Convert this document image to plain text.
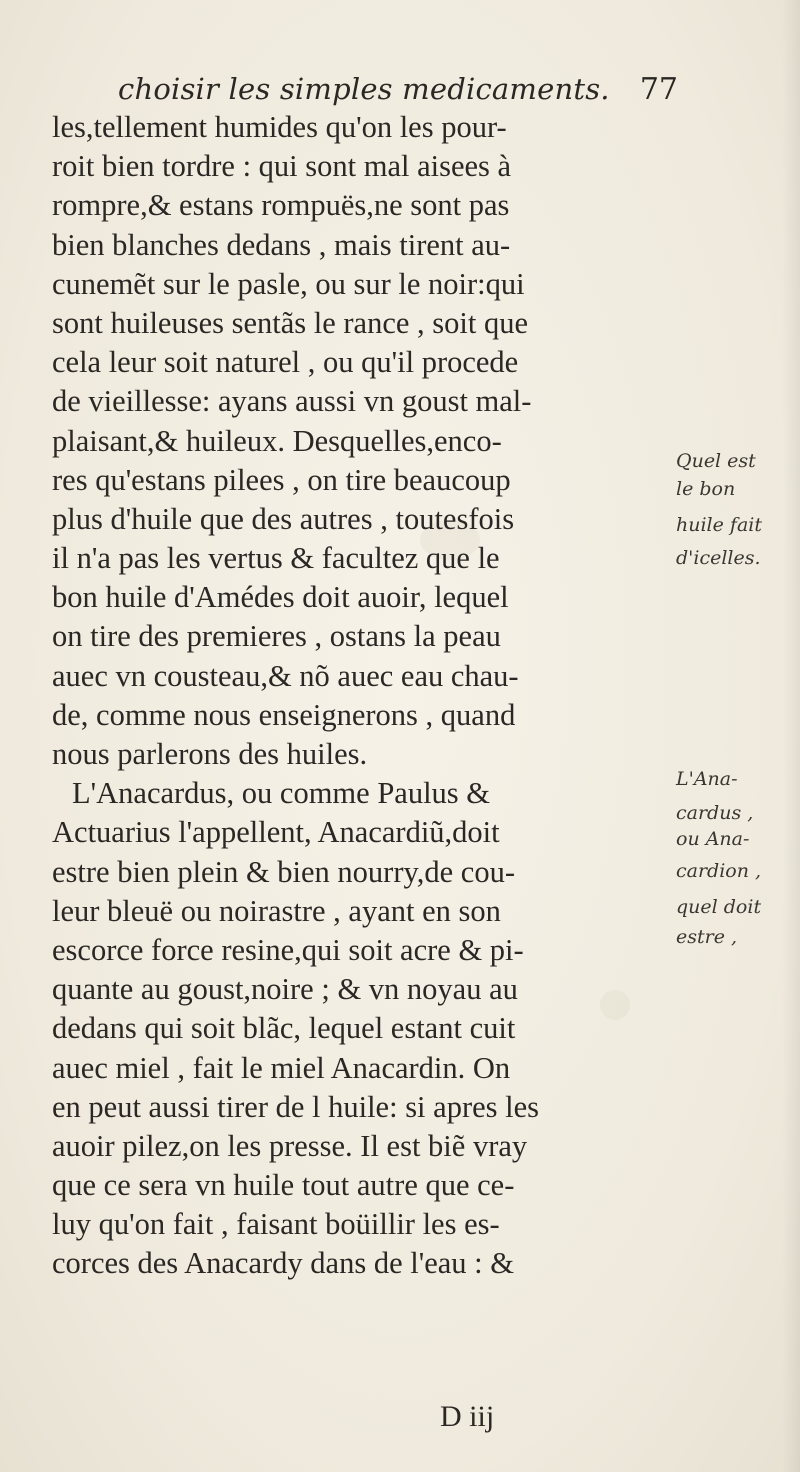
choisir les simples medicaments. 77
les,tellement humides qu'on les pour-
roit bien tordre : qui sont mal aisees à
rompre,& estans rompuës,ne sont pas
bien blanches dedans , mais tirent au-
cunemẽt sur le pasle, ou sur le noir:qui
sont huileuses sentãs le rance , soit que
cela leur soit naturel , ou qu'il procede
de vieillesse: ayans aussi vn goust mal-
plaisant,& huileux. Desquelles,enco-
res qu'estans pilees , on tire beaucoup
plus d'huile que des autres , toutesfois
il n'a pas les vertus & facultez que le
bon huile d'Amédes doit auoir, lequel
on tire des premieres , ostans la peau
auec vn cousteau,& nõ auec eau chau-
de, comme nous enseignerons , quand
nous parlerons des huiles.
L'Anacardus, ou comme Paulus &
Actuarius l'appellent, Anacardiũ,doit
estre bien plein & bien nourry,de cou-
leur bleuë ou noirastre , ayant en son
escorce force resine,qui soit acre & pi-
quante au goust,noire ; & vn noyau au
dedans qui soit blãc, lequel estant cuit
auec miel , fait le miel Anacardin. On
en peut aussi tirer de l huile: si apres les
auoir pilez,on les presse. Il est biẽ vray
que ce sera vn huile tout autre que ce-
luy qu'on fait , faisant boüillir les es-
corces des Anacardy dans de l'eau : &
Quel est
le bon
huile fait
d'icelles.
L'Ana-
cardus ,
ou Ana-
cardion ,
quel doit
estre ,
D iij
